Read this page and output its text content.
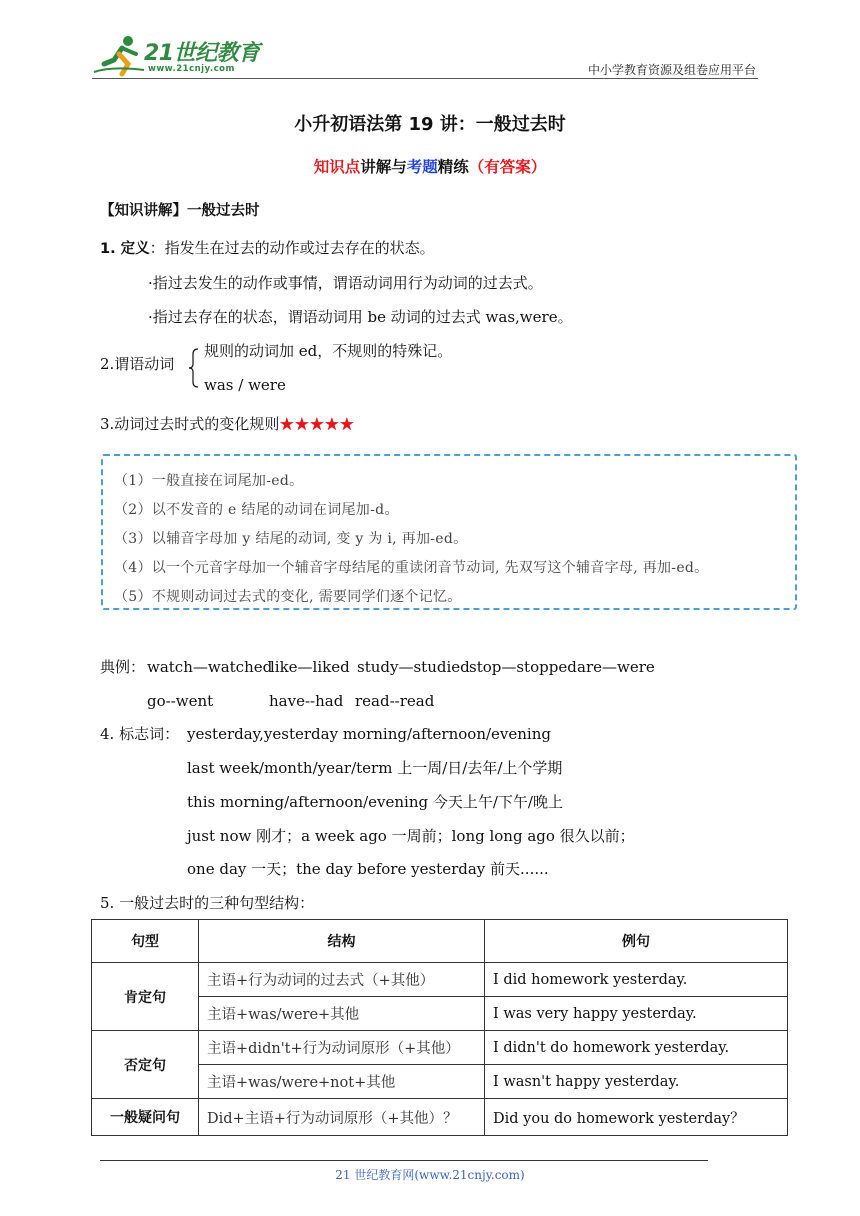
21世纪教育
www.21cnjy.com	中小学教育资源及组卷应用平台
小升初语法第 19 讲：一般过去时
知识点讲解与考题精练（有答案）
【知识讲解】一般过去时
1. 定义：指发生在过去的动作或过去存在的状态。
·指过去发生的动作或事情，谓语动词用行为动词的过去式。
·指过去存在的状态，谓语动词用 be 动词的过去式 was,were。
2.谓语动词
规则的动词加 ed，不规则的特殊记。
was / were
3.动词过去时式的变化规则★★★★★
（1）一般直接在词尾加-ed。
（2）以不发音的 e 结尾的动词在词尾加-d。
（3）以辅音字母加 y 结尾的动词, 变 y 为 i, 再加-ed。
（4）以一个元音字母加一个辅音字母结尾的重读闭音节动词, 先双写这个辅音字母, 再加-ed。
（5）不规则动词过去式的变化, 需要同学们逐个记忆。
典例： watch—watched
like—liked study—studied stop—stopped are—were
go--went	have--had read--read
4. 标志词： yesterday,yesterday morning/afternoon/evening
last week/month/year/term 上一周/日/去年/上个学期
this morning/afternoon/evening 今天上午/下午/晚上
just now 刚才；a week ago 一周前；long long ago 很久以前；
one day 一天；the day before yesterday 前天......
5. 一般过去时的三种句型结构：
句型	结构	例句
肯定句	主语+行为动词的过去式（+其他）	I did homework yesterday.
	主语+was/were+其他	I was very happy yesterday.
否定句	主语+didn't+行为动词原形（+其他）	I didn't do homework yesterday.
	主语+was/were+not+其他	I wasn't happy yesterday.
一般疑问句	Did+主语+行为动词原形（+其他）？	Did you do homework yesterday？
21 世纪教育网(www.21cnjy.com)
